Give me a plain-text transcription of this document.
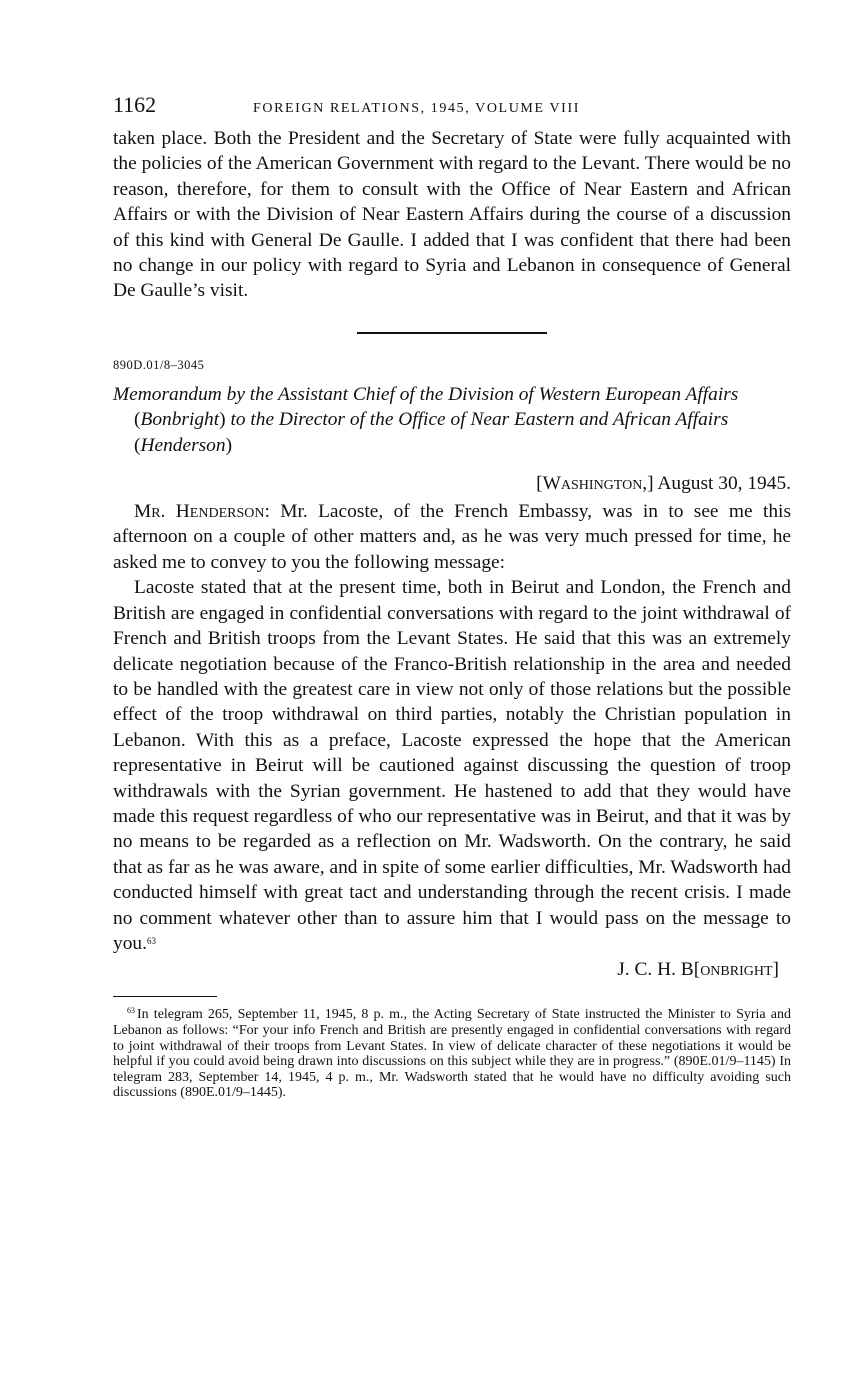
1162	FOREIGN RELATIONS, 1945, VOLUME VIII

taken place. Both the President and the Secretary of State were fully acquainted with the policies of the American Government with regard to the Levant. There would be no reason, therefore, for them to consult with the Office of Near Eastern and African Affairs or with the Division of Near Eastern Affairs during the course of a discussion of this kind with General De Gaulle. I added that I was confident that there had been no change in our policy with regard to Syria and Lebanon in consequence of General De Gaulle’s visit.

890D.01/8–3045

Memorandum by the Assistant Chief of the Division of Western European Affairs (Bonbright) to the Director of the Office of Near Eastern and African Affairs (Henderson)

[Washington,] August 30, 1945.

Mr. Henderson: Mr. Lacoste, of the French Embassy, was in to see me this afternoon on a couple of other matters and, as he was very much pressed for time, he asked me to convey to you the following message:

Lacoste stated that at the present time, both in Beirut and London, the French and British are engaged in confidential conversations with regard to the joint withdrawal of French and British troops from the Levant States. He said that this was an extremely delicate negotiation because of the Franco-British relationship in the area and needed to be handled with the greatest care in view not only of those relations but the possible effect of the troop withdrawal on third parties, notably the Christian population in Lebanon. With this as a preface, Lacoste expressed the hope that the American representative in Beirut will be cautioned against discussing the question of troop withdrawals with the Syrian government. He hastened to add that they would have made this request regardless of who our representative was in Beirut, and that it was by no means to be regarded as a reflection on Mr. Wadsworth. On the contrary, he said that as far as he was aware, and in spite of some earlier difficulties, Mr. Wadsworth had conducted himself with great tact and understanding through the recent crisis. I made no comment whatever other than to assure him that I would pass on the message to you.$^{63}$

J. C. H. B[onbright]

$^{63}$ In telegram 265, September 11, 1945, 8 p. m., the Acting Secretary of State instructed the Minister to Syria and Lebanon as follows: “For your info French and British are presently engaged in confidential conversations with regard to joint withdrawal of their troops from Levant States. In view of delicate character of these negotiations it would be helpful if you could avoid being drawn into discussions on this subject while they are in progress.” (890E.01/9–1145) In telegram 283, September 14, 1945, 4 p. m., Mr. Wadsworth stated that he would have no difficulty avoiding such discussions (890E.01/9–1445).
